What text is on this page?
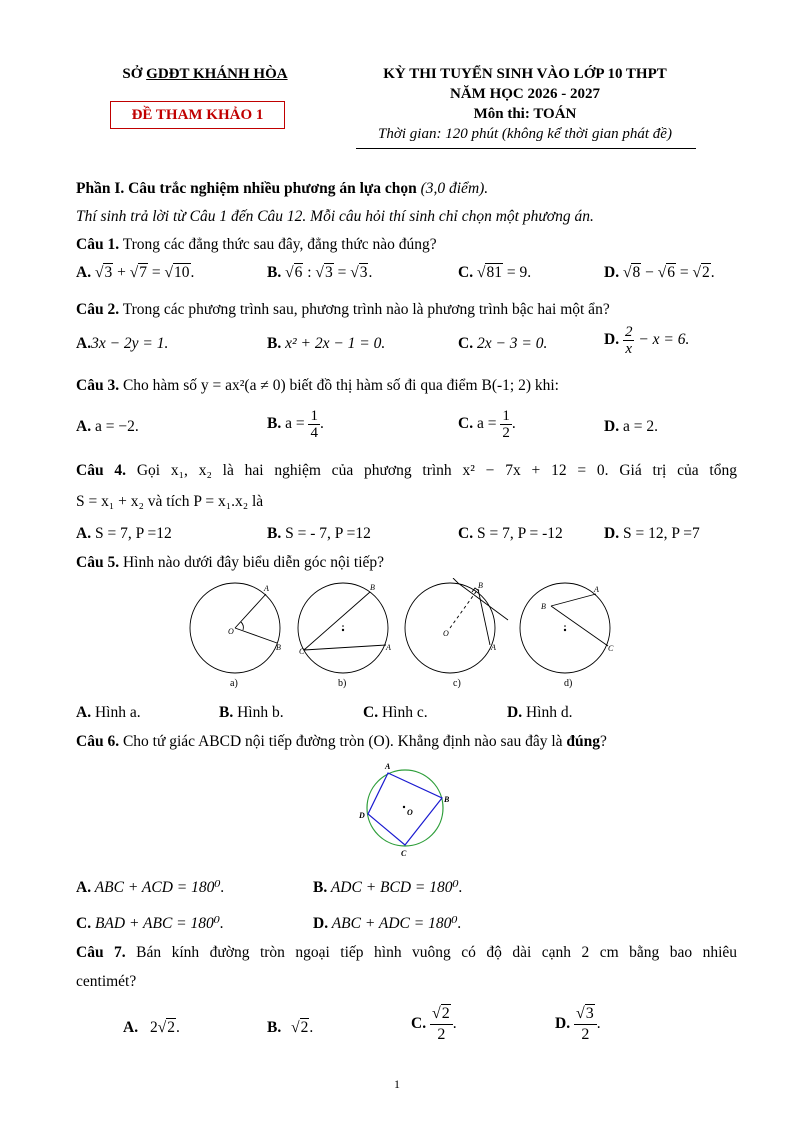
SỞ GDĐT KHÁNH HÒA
ĐỀ THAM KHẢO 1
KỲ THI TUYỂN SINH VÀO LỚP 10 THPT
NĂM HỌC 2026 - 2027
Môn thi: TOÁN
Thời gian: 120 phút (không kể thời gian phát đề)
Phần I. Câu trắc nghiệm nhiều phương án lựa chọn (3,0 điểm).
Thí sinh trả lời từ Câu 1 đến Câu 12. Mỗi câu hỏi thí sinh chỉ chọn một phương án.
Câu 1. Trong các đẳng thức sau đây, đẳng thức nào đúng?
A. √3 + √7 = √10.	B. √6 : √3 = √3.	C. √81 = 9.	D. √8 − √6 = √2.
Câu 2. Trong các phương trình sau, phương trình nào là phương trình bậc hai một ẩn?
A.3x − 2y = 1.	B. x² + 2x − 1 = 0.	C. 2x − 3 = 0.	D. $\frac{2}{x} - x = 6$.
Câu 3. Cho hàm số y = ax²(a ≠ 0) biết đồ thị hàm số đi qua điểm B(-1; 2) khi:
A. a = −2.	B. $a = \frac{1}{4}$ .	C. $a = \frac{1}{2}$ .	D. a = 2.
Câu 4. Gọi x₁, x₂ là hai nghiệm của phương trình x² − 7x + 12 = 0. Giá trị của tổng
S = x₁ + x₂ và tích P = x₁.x₂ là
A. S = 7, P =12	B. S = - 7, P =12	C. S = 7, P = -12	D. S = 12, P =7
Câu 5. Hình nào dưới đây biểu diễn góc nội tiếp?
O
A
B
B
C	A
O
B
A
B
A
C
a)	b)	c)	d)
A. Hình a.	B. Hình b.	C. Hình c.	D. Hình d.
Câu 6. Cho tứ giác ABCD nội tiếp đường tròn (O). Khẳng định nào sau đây là đúng?
A
B
C
D	O
A. ABC + ACD = 180⁰.	B. ADC + BCD = 180⁰.
C. BAD + ABC = 180⁰.	D. ABC + ADC = 180⁰.
Câu 7. Bán kính đường tròn ngoại tiếp hình vuông có độ dài cạnh 2 cm bằng bao nhiêu
centimét?
A. 2√2.	B. √2.	C. $\frac{√2}{2}$ .	D. $\frac{√3}{2}$ .
1
